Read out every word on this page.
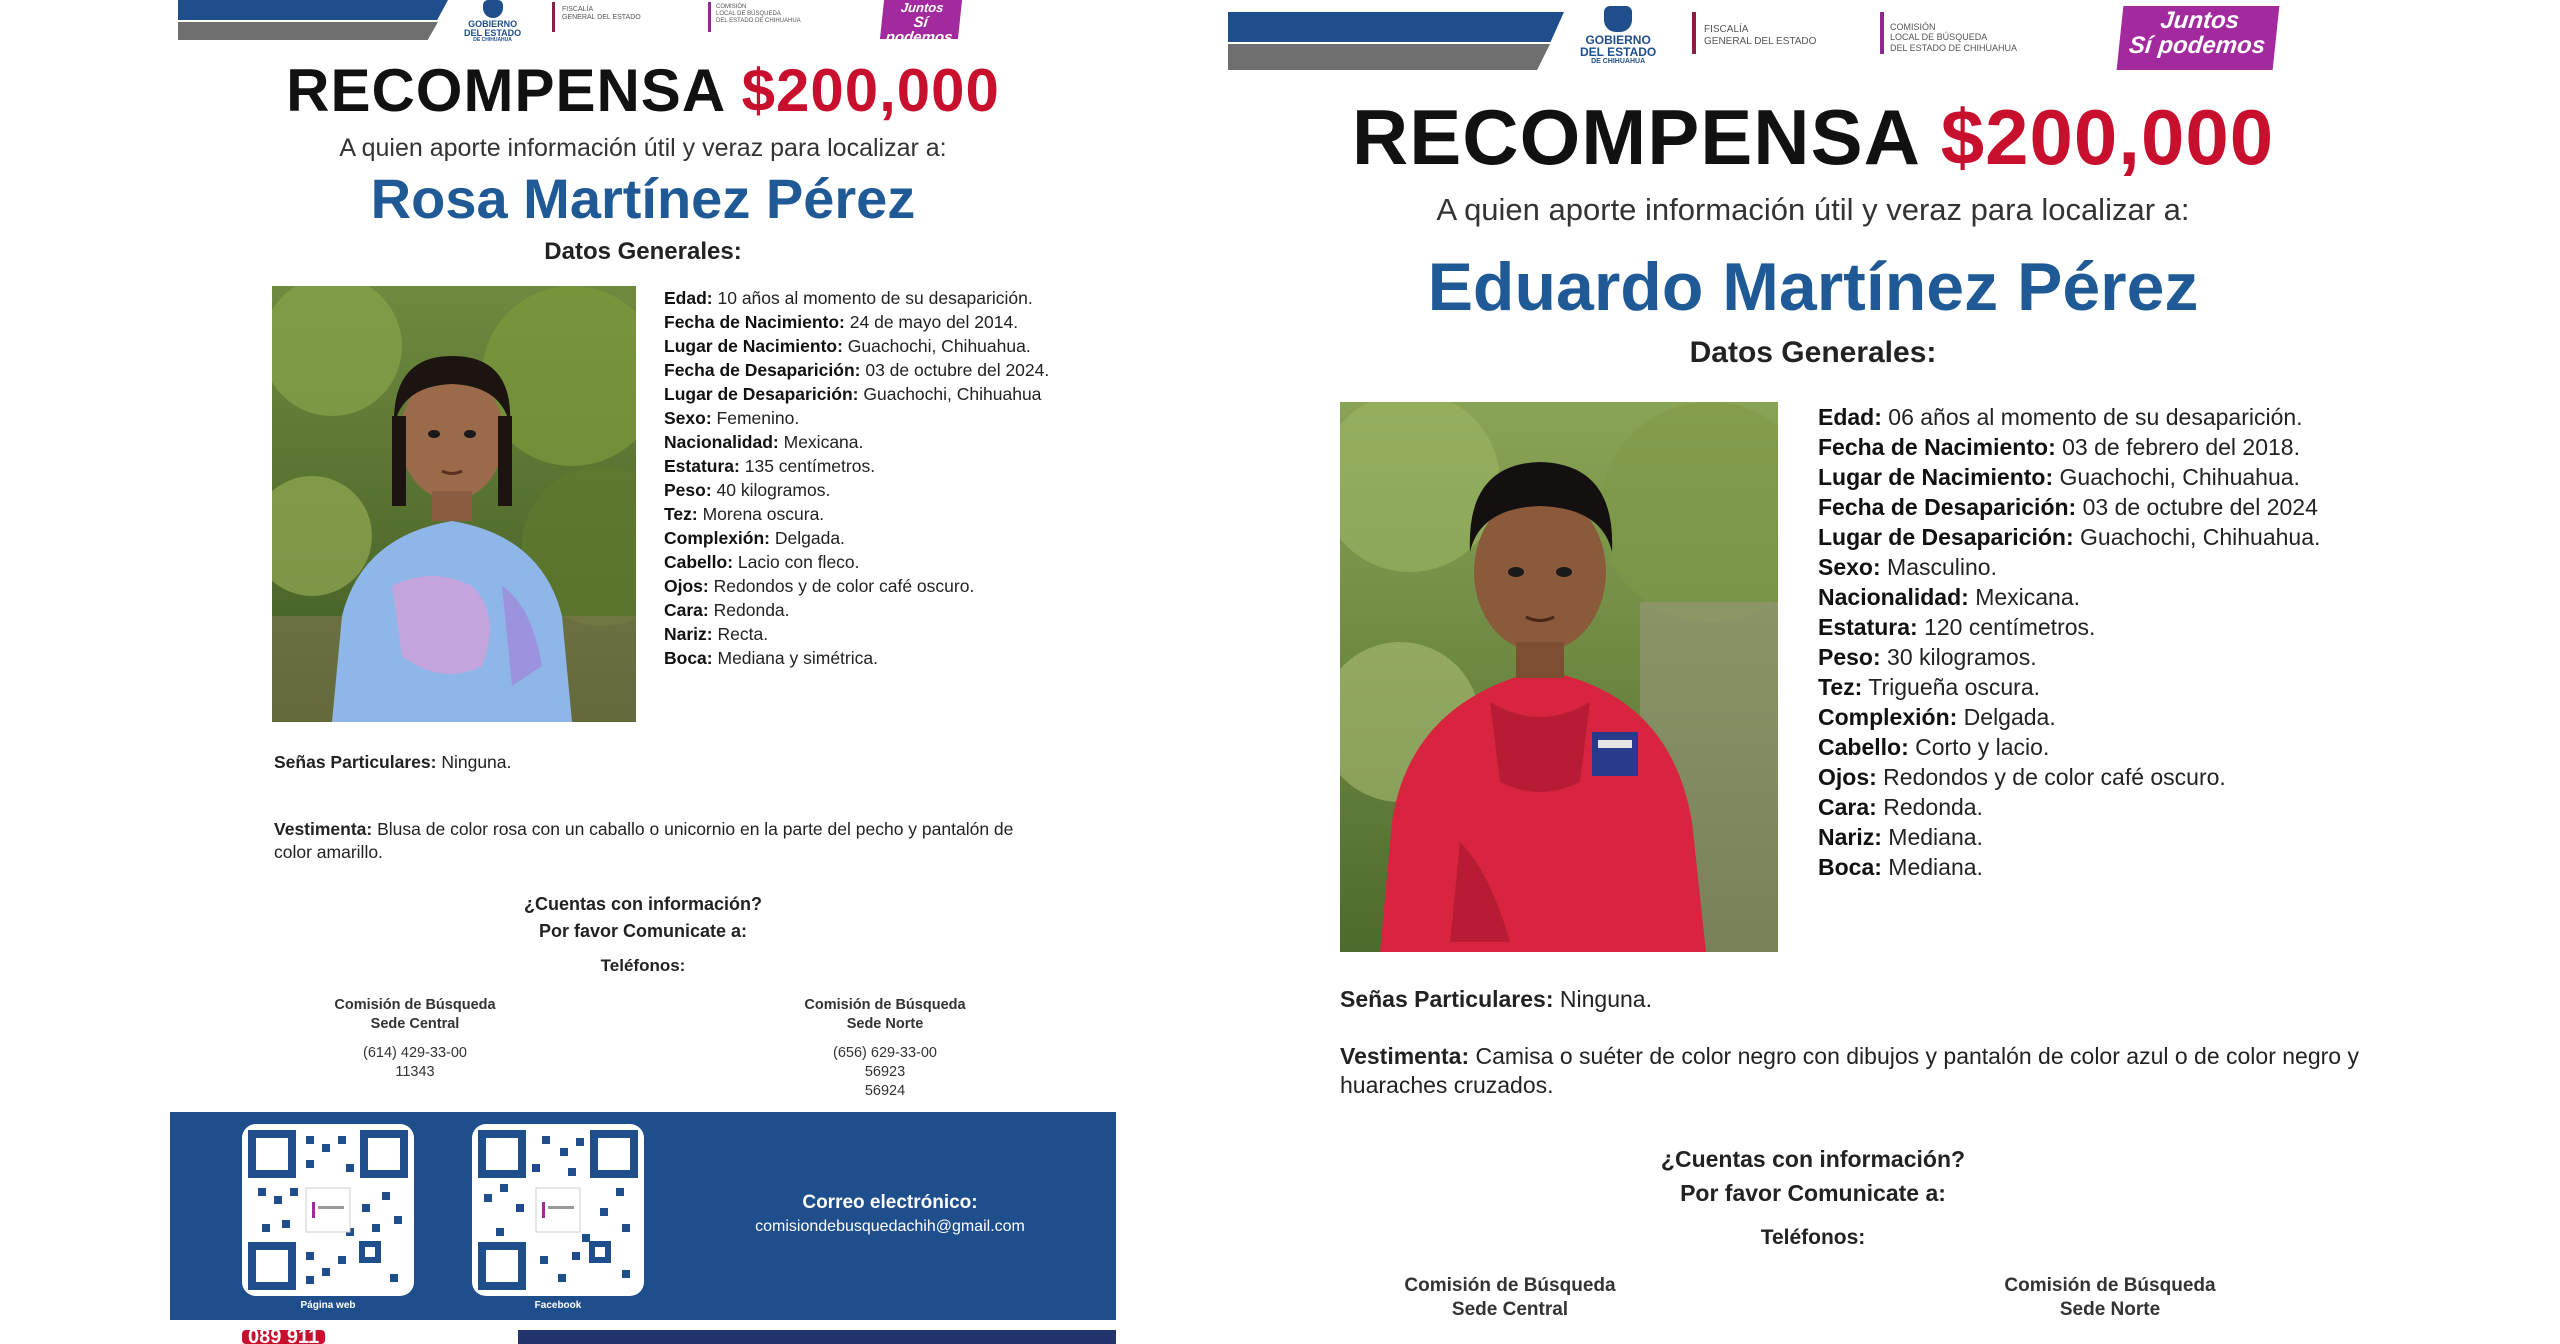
GOBIERNO
DEL ESTADO
DE CHIHUAHUA
FISCALÍA
GENERAL DEL ESTADO
COMISIÓN
LOCAL DE BÚSQUEDA
DEL ESTADO DE CHIHUAHUA
Juntos
Sí podemos
RECOMPENSA $200,000
A quien aporte información útil y veraz para localizar a:
Rosa Martínez Pérez
Datos Generales:
Edad: 10 años al momento de su desaparición.
Fecha de Nacimiento: 24 de mayo del 2014.
Lugar de Nacimiento: Guachochi, Chihuahua.
Fecha de Desaparición: 03 de octubre del 2024.
Lugar de Desaparición: Guachochi, Chihuahua
Sexo: Femenino.
Nacionalidad: Mexicana.
Estatura: 135 centímetros.
Peso: 40 kilogramos.
Tez: Morena oscura.
Complexión: Delgada.
Cabello: Lacio con fleco.
Ojos: Redondos y de color café oscuro.
Cara: Redonda.
Nariz: Recta.
Boca: Mediana y simétrica.
Señas Particulares: Ninguna.
Vestimenta: Blusa de color rosa con un caballo o unicornio en la parte del pecho y pantalón de color amarillo.
¿Cuentas con información?
Por favor Comunicate a:
Teléfonos:
Comisión de Búsqueda
Sede Central
(614) 429-33-00
11343
Comisión de Búsqueda
Sede Norte
(656) 629-33-00
56923
56924
Página web	Facebook
Correo electrónico:
comisiondebusquedachih@gmail.com
089 911
GOBIERNO
DEL ESTADO
DE CHIHUAHUA
FISCALÍA
GENERAL DEL ESTADO
COMISIÓN
LOCAL DE BÚSQUEDA
DEL ESTADO DE CHIHUAHUA
Juntos
Sí podemos
RECOMPENSA $200,000
A quien aporte información útil y veraz para localizar a:
Eduardo Martínez Pérez
Datos Generales:
Edad: 06 años al momento de su desaparición.
Fecha de Nacimiento: 03 de febrero del 2018.
Lugar de Nacimiento: Guachochi, Chihuahua.
Fecha de Desaparición: 03 de octubre del 2024
Lugar de Desaparición: Guachochi, Chihuahua.
Sexo: Masculino.
Nacionalidad: Mexicana.
Estatura: 120 centímetros.
Peso: 30 kilogramos.
Tez: Trigueña oscura.
Complexión: Delgada.
Cabello: Corto y lacio.
Ojos: Redondos y de color café oscuro.
Cara: Redonda.
Nariz: Mediana.
Boca: Mediana.
Señas Particulares: Ninguna.
Vestimenta: Camisa o suéter de color negro con dibujos y pantalón de color azul o de color negro y huaraches cruzados.
¿Cuentas con información?
Por favor Comunicate a:
Teléfonos:
Comisión de Búsqueda
Sede Central
Comisión de Búsqueda
Sede Norte
